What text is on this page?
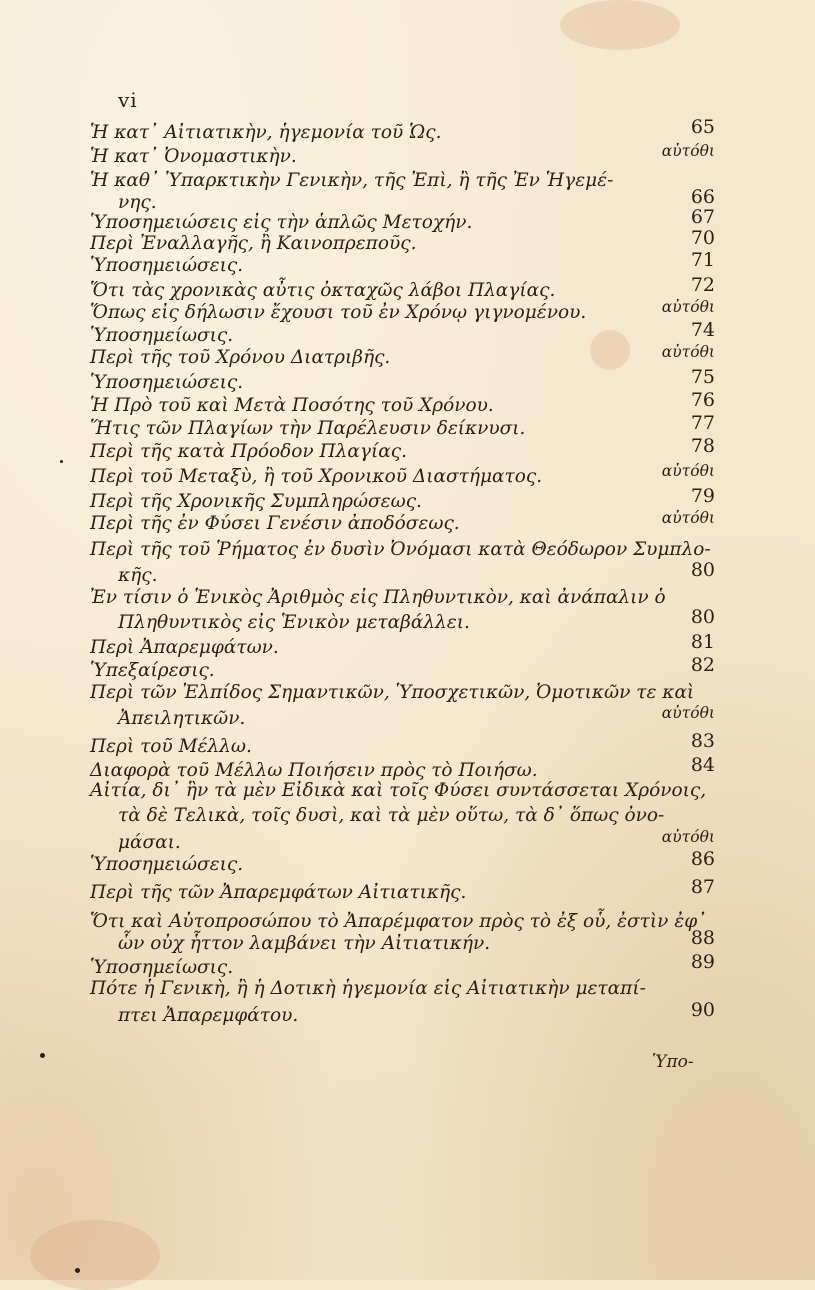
vi
Ἡ κατ᾽ Αἰτιατικὴν, ἡγεμονία τοῦ Ὡς.	65
Ἡ κατ᾽ Ὀνομαστικὴν.	αὐτόθι
Ἡ καθ᾽ Ὑπαρκτικὴν Γενικὴν, τῆς Ἐπὶ, ἢ τῆς Ἐν Ἡγεμέ-
νης.	66
Ὑποσημειώσεις εἰς τὴν ἁπλῶς Μετοχήν.	67
Περὶ Ἐναλλαγῆς, ἢ Καινοπρεποῦς.	70
Ὑποσημειώσεις.	71
Ὅτι τὰς χρονικὰς αὖτις ὀκταχῶς λάβοι Πλαγίας.	72
Ὅπως εἰς δήλωσιν ἔχουσι τοῦ ἐν Χρόνῳ γιγνομένου.	αὐτόθι
Ὑποσημείωσις.	74
Περὶ τῆς τοῦ Χρόνου Διατριβῆς.	αὐτόθι
Ὑποσημειώσεις.	75
Ἡ Πρὸ τοῦ καὶ Μετὰ Ποσότης τοῦ Χρόνου.	76
Ἥτις τῶν Πλαγίων τὴν Παρέλευσιν δείκνυσι.	77
Περὶ τῆς κατὰ Πρόοδον Πλαγίας.	78
Περὶ τοῦ Μεταξὺ, ἢ τοῦ Χρονικοῦ Διαστήματος.	αὐτόθι
Περὶ τῆς Χρονικῆς Συμπληρώσεως.	79
Περὶ τῆς ἐν Φύσει Γενέσιν ἀποδόσεως.	αὐτόθι
Περὶ τῆς τοῦ Ῥήματος ἐν δυσὶν Ὀνόμασι κατὰ Θεόδωρον Συμπλο-
κῆς.	80
Ἐν τίσιν ὁ Ἑνικὸς Ἀριθμὸς εἰς Πληθυντικὸν, καὶ ἀνάπαλιν ὁ
Πληθυντικὸς εἰς Ἑνικὸν μεταβάλλει.	80
Περὶ Ἀπαρεμφάτων.	81
Ὑπεξαίρεσις.	82
Περὶ τῶν Ἐλπίδος Σημαντικῶν, Ὑποσχετικῶν, Ὀμοτικῶν τε καὶ
Ἀπειλητικῶν.	αὐτόθι
Περὶ τοῦ Μέλλω.	83
Διαφορὰ τοῦ Μέλλω Ποιήσειν πρὸς τὸ Ποιήσω.	84
Αἰτία, δι᾽ ἣν τὰ μὲν Εἰδικὰ καὶ τοῖς Φύσει συντάσσεται Χρόνοις,
τὰ δὲ Τελικὰ, τοῖς δυσὶ, καὶ τὰ μὲν οὕτω, τὰ δ᾽ ὅπως ὀνο-
μάσαι.	αὐτόθι
Ὑποσημειώσεις.	86
Περὶ τῆς τῶν Ἀπαρεμφάτων Αἰτιατικῆς.	87
Ὅτι καὶ Αὐτοπροσώπου τὸ Ἀπαρέμφατον πρὸς τὸ ἐξ οὗ, ἐστὶν ἐφ᾽
ὧν οὐχ ἧττον λαμβάνει τὴν Αἰτιατικήν.	88
Ὑποσημείωσις.	89
Πότε ἡ Γενικὴ, ἢ ἡ Δοτικὴ ἡγεμονία εἰς Αἰτιατικὴν μεταπί-
πτει Ἀπαρεμφάτου.	90
Ὑπο-
